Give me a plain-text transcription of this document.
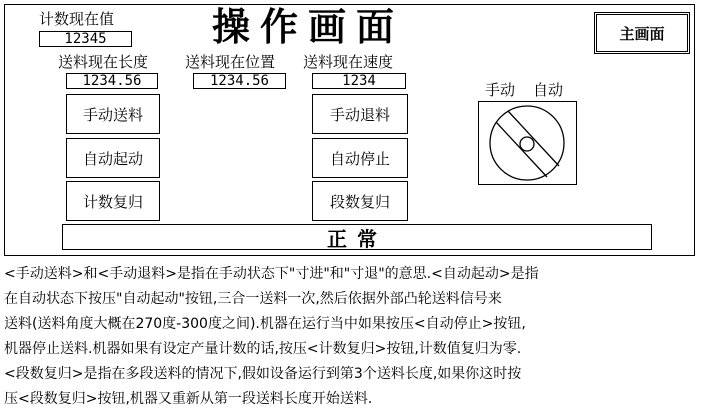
计数现在值
12345	操作画面	主画面
送料现在长度
1234.56
送料现在位置
1234.56
送料现在速度
1234
手动送料
自动起动
计数复归
手动退料
自动停止
段数复归
手动 自动
正常
<手动送料>和<手动退料>是指在手动状态下"寸进"和"寸退"的意思.<自动起动>是指
在自动状态下按压"自动起动"按钮,三合一送料一次,然后依据外部凸轮送料信号来
送料(送料角度大概在270度-300度之间).机器在运行当中如果按压<自动停止>按钮,
机器停止送料.机器如果有设定产量计数的话,按压<计数复归>按钮,计数值复归为零.
<段数复归>是指在多段送料的情况下,假如设备运行到第3个送料长度,如果你这时按
压<段数复归>按钮,机器又重新从第一段送料长度开始送料.
